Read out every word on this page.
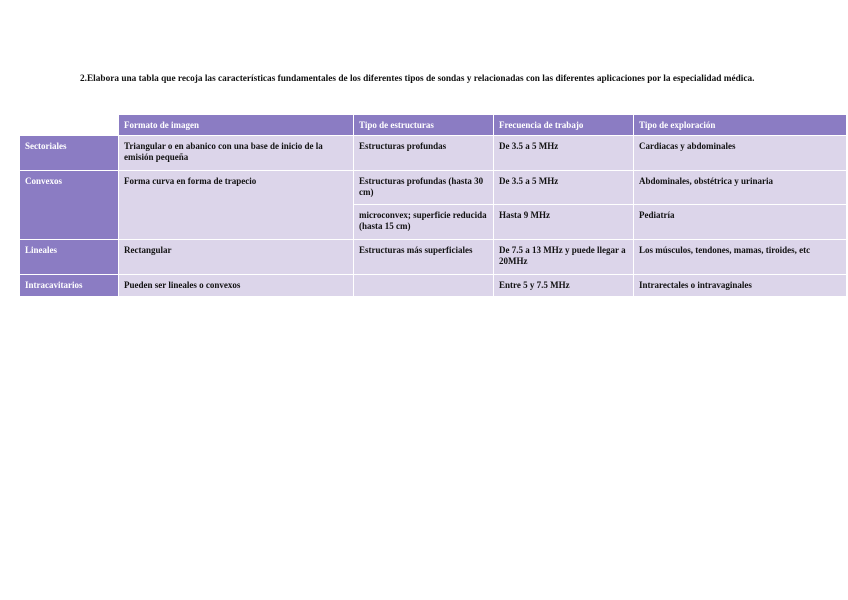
2.Elabora una tabla que recoja las características fundamentales de los diferentes tipos de sondas y relacionadas con las diferentes aplicaciones por la especialidad médica.
	Formato de imagen	Tipo de estructuras	Frecuencia de trabajo	Tipo de exploración
Sectoriales	Triangular o en abanico con una base de inicio de la emisión pequeña	Estructuras profundas	De 3.5 a 5 MHz	Cardiacas y abdominales
Convexos	Forma curva en forma de trapecio	Estructuras profundas (hasta 30 cm)	De 3.5 a 5 MHz	Abdominales, obstétrica y urinaria
		microconvex; superficie reducida (hasta 15 cm)	Hasta 9 MHz	Pediatría
Lineales	Rectangular	Estructuras más superficiales	De 7.5 a 13 MHz y puede llegar a 20MHz	Los músculos, tendones, mamas, tiroides, etc
Intracavitarios	Pueden ser lineales o convexos		Entre 5 y 7.5 MHz	Intrarectales o intravaginales
